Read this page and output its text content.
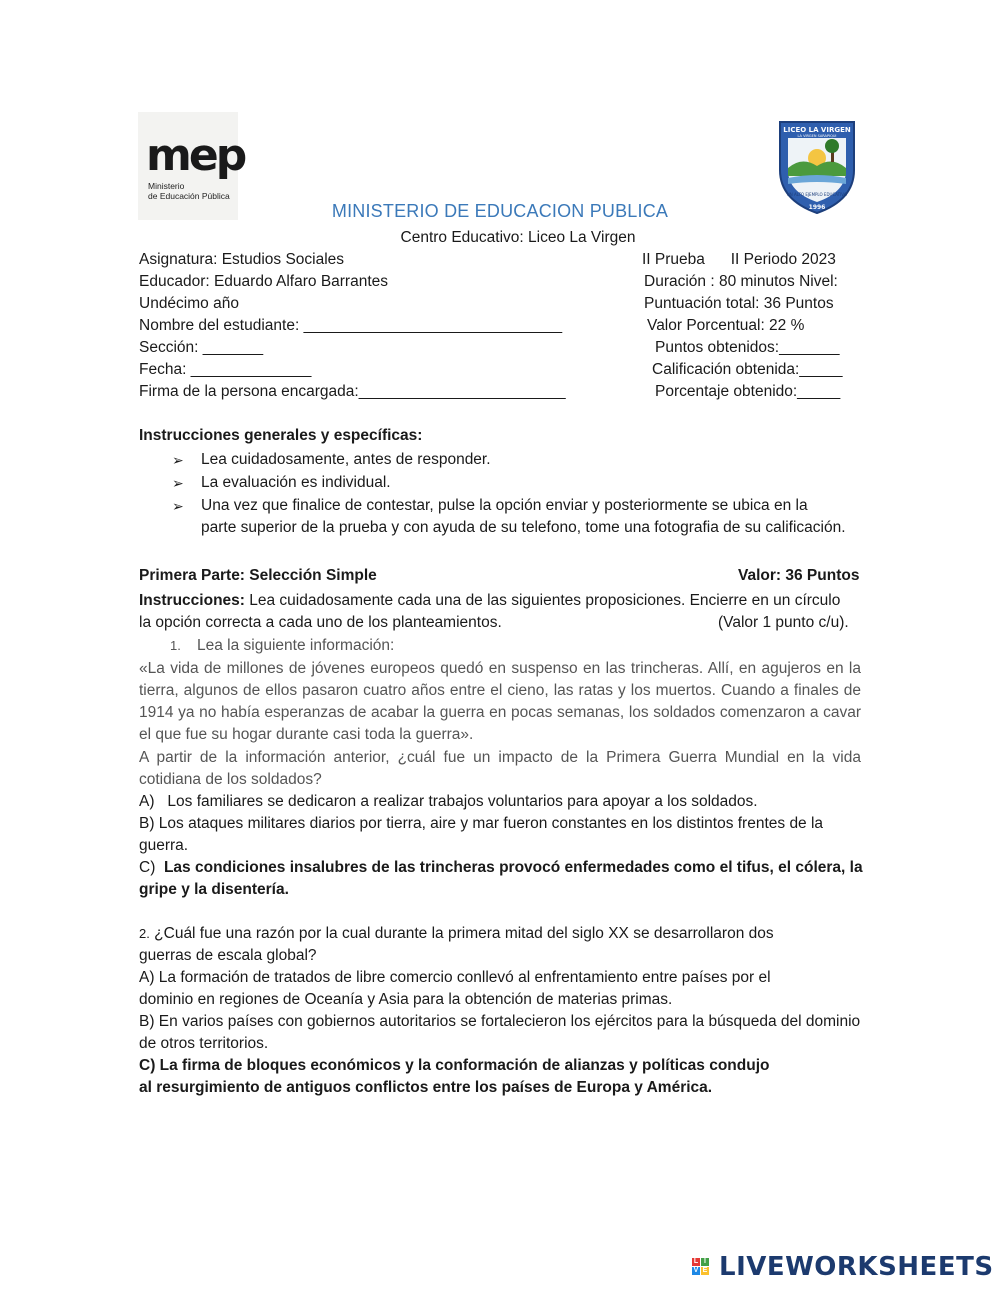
mep
Ministerio
de Educación Pública
LICEO LA VIRGEN
LA VIRGEN SARAPIQUI
UN ALTO EJEMPLO EDUCATIVO
1996
MINISTERIO DE EDUCACION PUBLICA
Centro Educativo: Liceo La Virgen
Asignatura: Estudios Sociales
Educador: Eduardo Alfaro Barrantes
Undécimo año
Nombre del estudiante: ______________________________
Sección: _______
Fecha: ______________
Firma de la persona encargada:________________________
II Prueba      II Periodo 2023
Duración : 80 minutos Nivel:
Puntuación total: 36 Puntos
Valor Porcentual: 22 %
Puntos obtenidos:_______
Calificación obtenida:_____
Porcentaje obtenido:_____
Instrucciones generales y específicas:
➢ Lea cuidadosamente, antes de responder.
➢ La evaluación es individual.
➢ Una vez que finalice de contestar, pulse la opción enviar y posteriormente se ubica en la
parte superior de la prueba y con ayuda de su telefono, tome una fotografia de su calificación.
Primera Parte: Selección Simple	Valor: 36 Puntos
Instrucciones: Lea cuidadosamente cada una de las siguientes proposiciones. Encierre en un círculo
la opción correcta a cada uno de los planteamientos.	(Valor 1 punto c/u).
1. Lea la siguiente información:
«La vida de millones de jóvenes europeos quedó en suspenso en las trincheras. Allí, en agujeros en la tierra, algunos de ellos pasaron cuatro años entre el cieno, las ratas y los muertos. Cuando a finales de 1914 ya no había esperanzas de acabar la guerra en pocas semanas, los soldados comenzaron a cavar el que fue su hogar durante casi toda la guerra».
A partir de la información anterior, ¿cuál fue un impacto de la Primera Guerra Mundial en la vida cotidiana de los soldados?
A)   Los familiares se dedicaron a realizar trabajos voluntarios para apoyar a los soldados.
B) Los ataques militares diarios por tierra, aire y mar fueron constantes en los distintos frentes de la guerra.
C)  Las condiciones insalubres de las trincheras provocó enfermedades como el tifus, el cólera, la gripe y la disentería.
2. ¿Cuál fue una razón por la cual durante la primera mitad del siglo XX se desarrollaron dos guerras de escala global?
A) La formación de tratados de libre comercio conllevó al enfrentamiento entre países por el dominio en regiones de Oceanía y Asia para la obtención de materias primas.
B) En varios países con gobiernos autoritarios se fortalecieron los ejércitos para la búsqueda del dominio de otros territorios.
C) La firma de bloques económicos y la conformación de alianzas y políticas condujo al resurgimiento de antiguos conflictos entre los países de Europa y América.
L I
V E LIVEWORKSHEETS
